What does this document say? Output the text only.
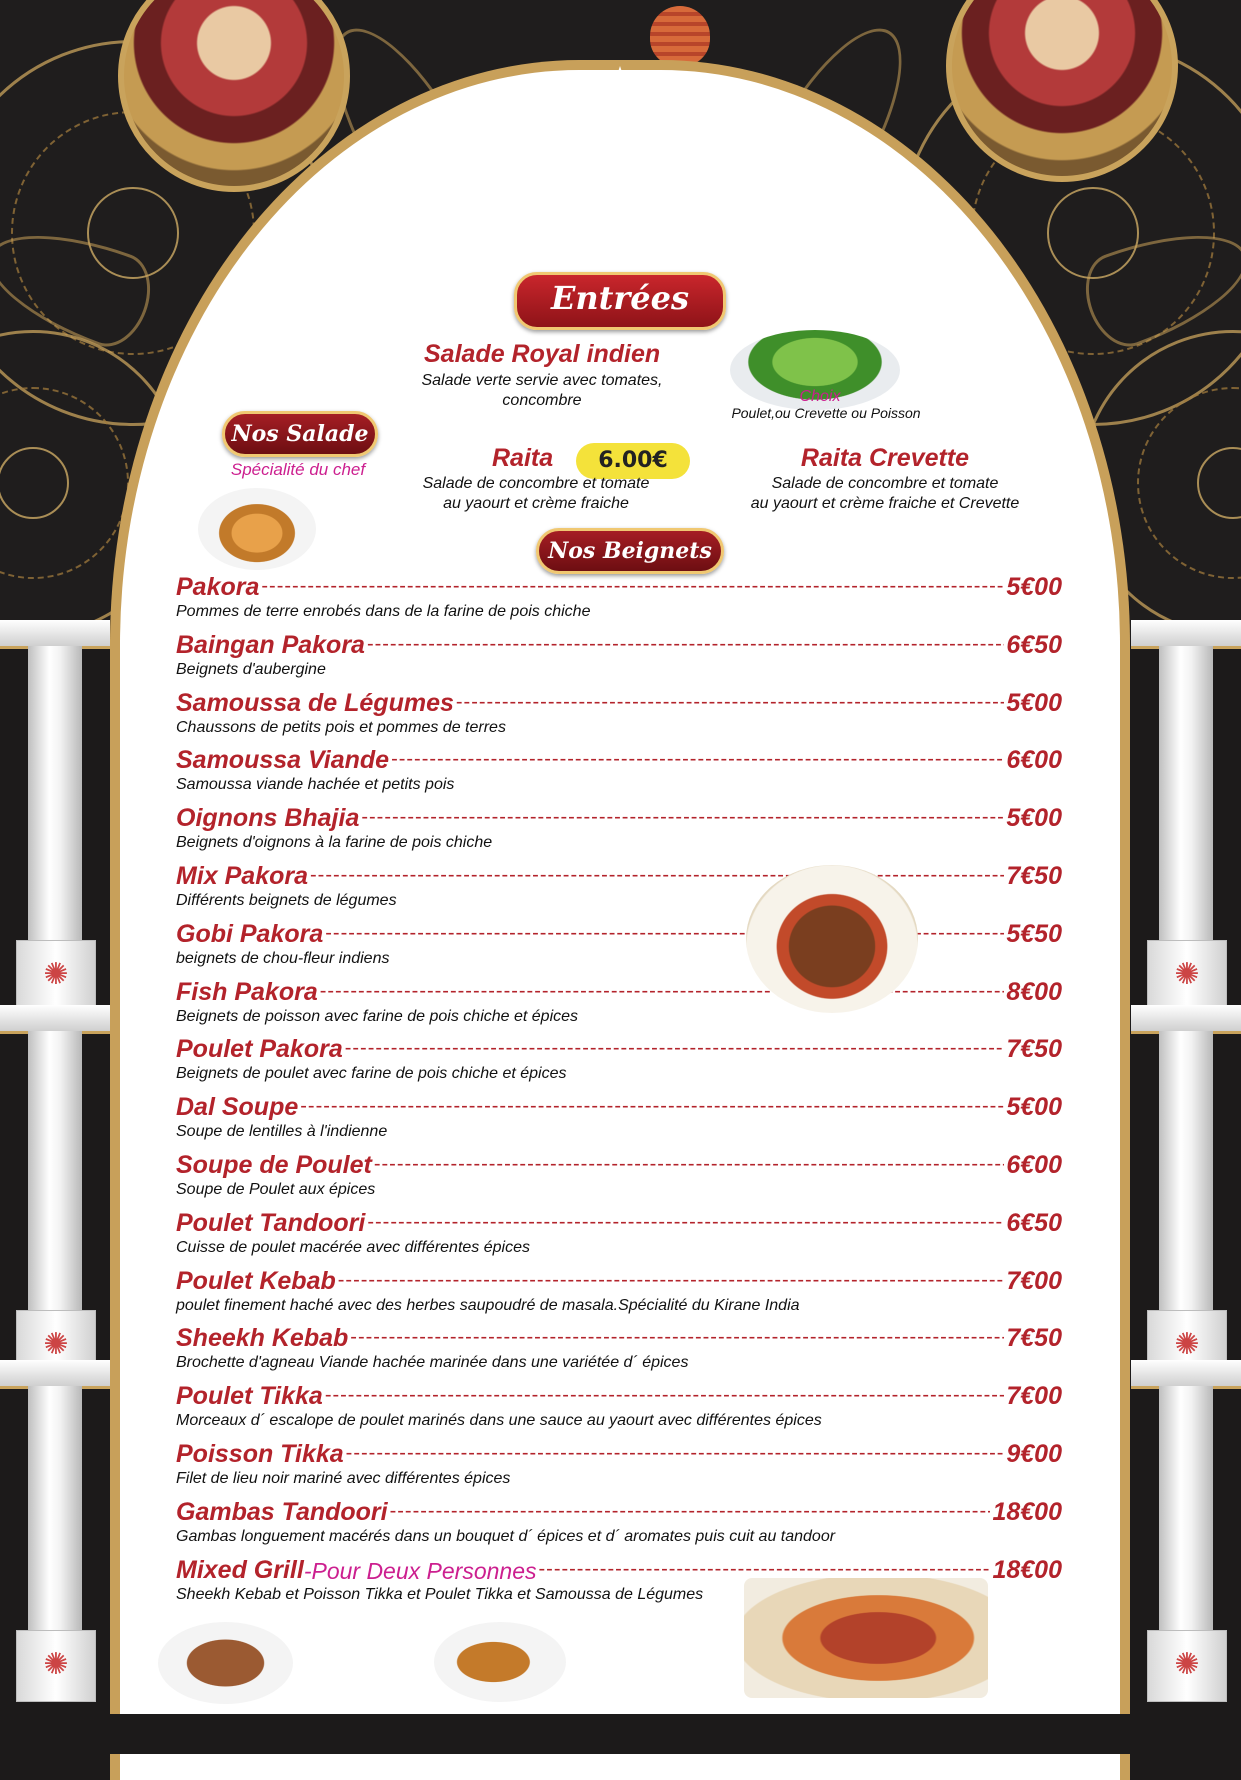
✺
✺
✺
✺
✺
✺
Entrées
Salade Royal indien
Salade verte servie avec tomates,
concombre	Choix
Poulet,ou Crevette ou Poisson
Nos Salade
Spécialité du chef	Raita	6.00€
Salade de concombre et tomate
au yaourt et crème fraiche
Raita Crevette
Salade de concombre et tomate
au yaourt et crème fraiche et Crevette
Nos Beignets
Pakora -----	5€00
Pommes de terre enrobés dans de la farine de pois chiche
Baingan Pakora -----	6€50
Beignets d'aubergine
Samoussa de Légumes -----	5€00
Chaussons de petits pois et pommes de terres
Samoussa Viande -----	6€00
Samoussa viande hachée et petits pois
Oignons Bhajia -----	5€00
Beignets d'oignons à la farine de pois chiche
Mix Pakora -----	7€50
Différents beignets de légumes
Gobi Pakora -----	5€50
beignets de chou-fleur indiens
Fish Pakora -----	8€00
Beignets de poisson avec farine de pois chiche et épices
Poulet Pakora -----	7€50
Beignets de poulet avec farine de pois chiche et épices
Dal Soupe -----	5€00
Soupe de lentilles à l'indienne
Soupe de Poulet -----	6€00
Soupe de Poulet aux épices
Poulet Tandoori -----	6€50
Cuisse de poulet macérée avec différentes épices
Poulet Kebab -----	7€00
poulet finement haché avec des herbes saupoudré de masala.Spécialité du Kirane India
Sheekh Kebab -----	7€50
Brochette d'agneau Viande hachée marinée dans une variétée d´ épices
Poulet Tikka -----	7€00
Morceaux d´ escalope de poulet marinés dans une sauce au yaourt avec différentes épices
Poisson Tikka -----	9€00
Filet de lieu noir mariné avec différentes épices
Gambas Tandoori -----	18€00
Gambas longuement macérés dans un bouquet d´ épices et d´ aromates puis cuit au tandoor
Mixed Grill -Pour Deux Personnes -----	18€00
Sheekh Kebab et Poisson Tikka et Poulet Tikka et Samoussa de Légumes
